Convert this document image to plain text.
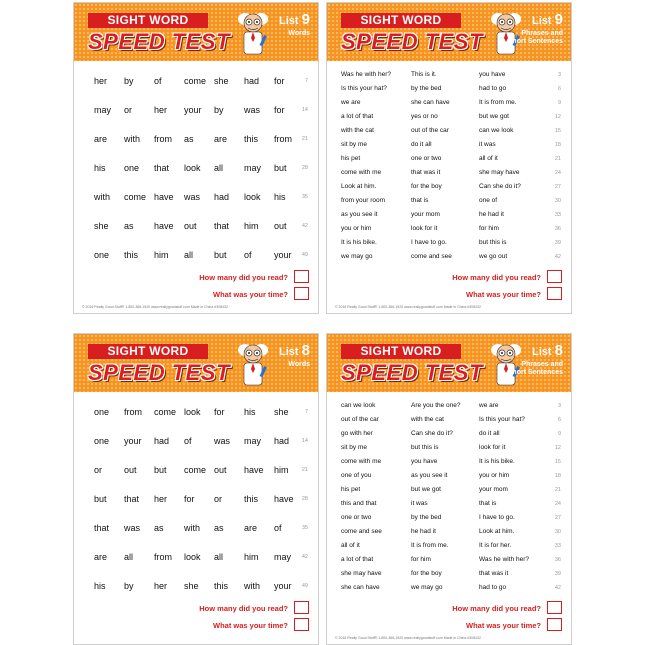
SIGHT WORD
SPEED TEST
List 9
Words
her by of come she had for	7
may or her your by was for	14
are with from as are this from 21
his one that look all may but	28
with come have was had look his	35
she as have out that him out	42
one this him all but of your 49
How many did you read?
What was your time?
© 2016 Really Good Stuff® 1-800-366-1920 www.reallygoodstuff.com Made in China #308432
SIGHT WORD
SPEED TEST
List 9
Phrases and Short Sentences
Was he with her?	This is it.	you have	3
Is this your hat?	by the bed	had to go	6
we are	she can have	It is from me.	9
a lot of that	yes or no	but we got	12
with the cat	out of the car	can we look	15
sit by me	do it all	it was	18
his pet	one or two	all of it	21
come with me	that was it	she may have	24
Look at him.	for the boy	Can she do it?	27
from your room	that is	one of	30
as you see it	your mom	he had it	33
you or him	look for it	for him	36
It is his bike.	I have to go.	but this is	39
we may go	come and see	we go out	42
How many did you read?
What was your time?
© 2016 Really Good Stuff® 1-800-366-1920 www.reallygoodstuff.com Made in China #308432
SIGHT WORD
SPEED TEST
List 8
Words
one from come look for his she	7
one your had of was may had 14
or out but come out have him 21
but that her for or this have 28
that was as with as are of	35
are all from look all him may 42
his by her she this with your 49
How many did you read?
What was your time?
SIGHT WORD
SPEED TEST
List 8
Phrases and Short Sentences
can we look	Are you the one?	we are	3
out of the car	with the cat	Is this your hat?	6
go with her	Can she do it?	do it all	9
sit by me	but this is	look for it	12
come with me	you have	It is his bike.	15
one of you	as you see it	you or him	18
his pet	but we got	your mom	21
this and that	it was	that is	24
one or two	by the bed	I have to go.	27
come and see	he had it	Look at him.	30
all of it	It is from me.	It is for her.	33
a lot of that	for him	Was he with her?	36
she may have	for the boy	that was it	39
she can have	we may go	had to go	42
How many did you read?
What was your time?
© 2016 Really Good Stuff® 1-800-366-1920 www.reallygoodstuff.com Made in China #308432
